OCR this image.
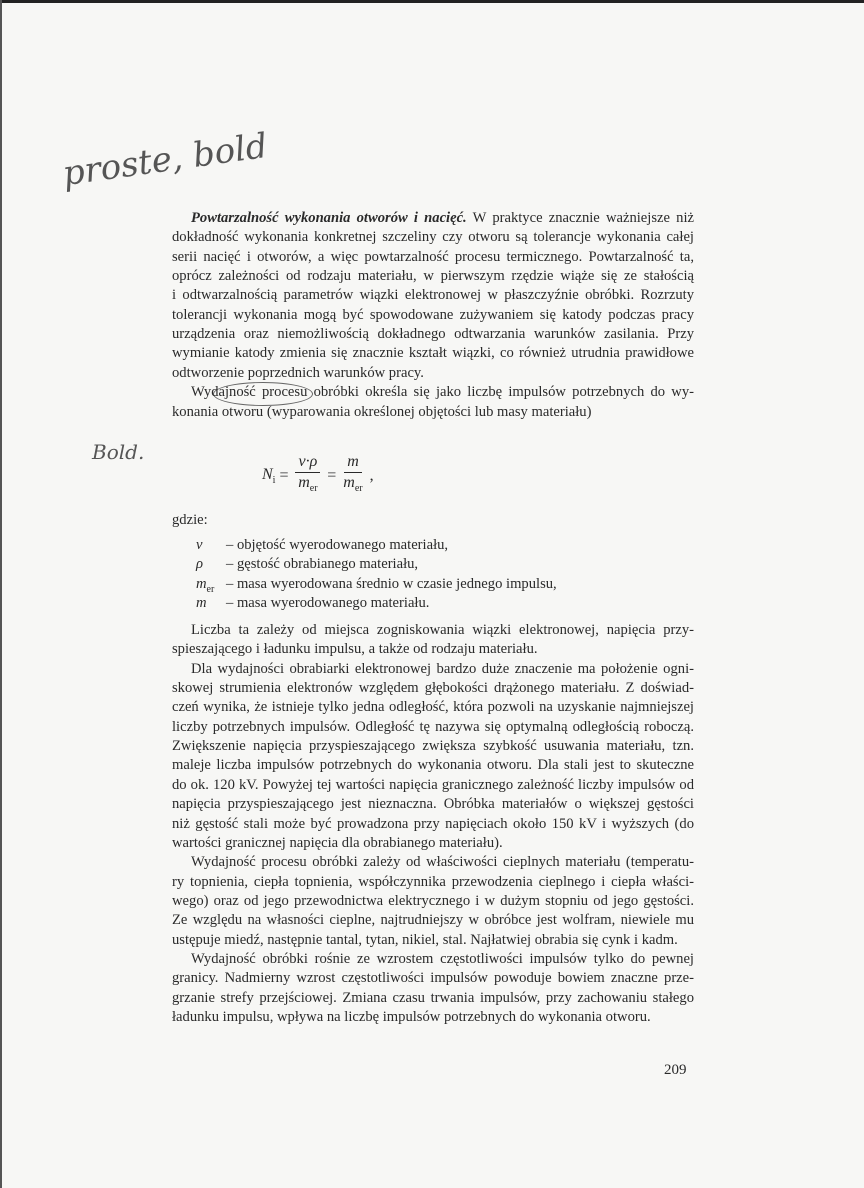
proste, bold
Bold.
Powtarzalność wykonania otworów i nacięć. W praktyce znacznie ważniejsze niż
dokładność wykonania konkretnej szczeliny czy otworu są tolerancje wykonania całej
serii nacięć i otworów, a więc powtarzalność procesu termicznego. Powtarzalność ta,
oprócz zależności od rodzaju materiału, w pierwszym rzędzie wiąże się ze stałością
i odtwarzalnością parametrów wiązki elektronowej w płaszczyźnie obróbki. Rozrzuty
tolerancji wykonania mogą być spowodowane zużywaniem się katody podczas pracy
urządzenia oraz niemożliwością dokładnego odtwarzania warunków zasilania. Przy
wymianie katody zmienia się znacznie kształt wiązki, co również utrudnia prawidłowe
odtworzenie poprzednich warunków pracy.
Wydajność procesu obróbki określa się jako liczbę impulsów potrzebnych do wy-
konania otworu (wyparowania określonej objętości lub masy materiału)
gdzie:
Liczba ta zależy od miejsca zogniskowania wiązki elektronowej, napięcia przy-
spieszającego i ładunku impulsu, a także od rodzaju materiału.
Dla wydajności obrabiarki elektronowej bardzo duże znaczenie ma położenie ogni-
skowej strumienia elektronów względem głębokości drążonego materiału. Z doświad-
czeń wynika, że istnieje tylko jedna odległość, która pozwoli na uzyskanie najmniejszej
liczby potrzebnych impulsów. Odległość tę nazywa się optymalną odległością roboczą.
Zwiększenie napięcia przyspieszającego zwiększa szybkość usuwania materiału, tzn.
maleje liczba impulsów potrzebnych do wykonania otworu. Dla stali jest to skuteczne
do ok. 120 kV. Powyżej tej wartości napięcia granicznego zależność liczby impulsów od
napięcia przyspieszającego jest nieznaczna. Obróbka materiałów o większej gęstości
niż gęstość stali może być prowadzona przy napięciach około 150 kV i wyższych (do
wartości granicznej napięcia dla obrabianego materiału).
Wydajność procesu obróbki zależy od właściwości cieplnych materiału (temperatu-
ry topnienia, ciepła topnienia, współczynnika przewodzenia cieplnego i ciepła właści-
wego) oraz od jego przewodnictwa elektrycznego i w dużym stopniu od jego gęstości.
Ze względu na własności cieplne, najtrudniejszy w obróbce jest wolfram, niewiele mu
ustępuje miedź, następnie tantal, tytan, nikiel, stal. Najłatwiej obrabia się cynk i kadm.
Wydajność obróbki rośnie ze wzrostem częstotliwości impulsów tylko do pewnej
granicy. Nadmierny wzrost częstotliwości impulsów powoduje bowiem znaczne prze-
grzanie strefy przejściowej. Zmiana czasu trwania impulsów, przy zachowaniu stałego
ładunku impulsu, wpływa na liczbę impulsów potrzebnych do wykonania otworu.
$N_i = \frac{v\cdot\rho}{m_{er}} = \frac{m}{m_{er}}$ ,
209
v	– objętość wyerodowanego materiału,
ρ	– gęstość obrabianego materiału,
$m_{er}$ – masa wyerodowana średnio w czasie jednego impulsu,
m	– masa wyerodowanego materiału.
